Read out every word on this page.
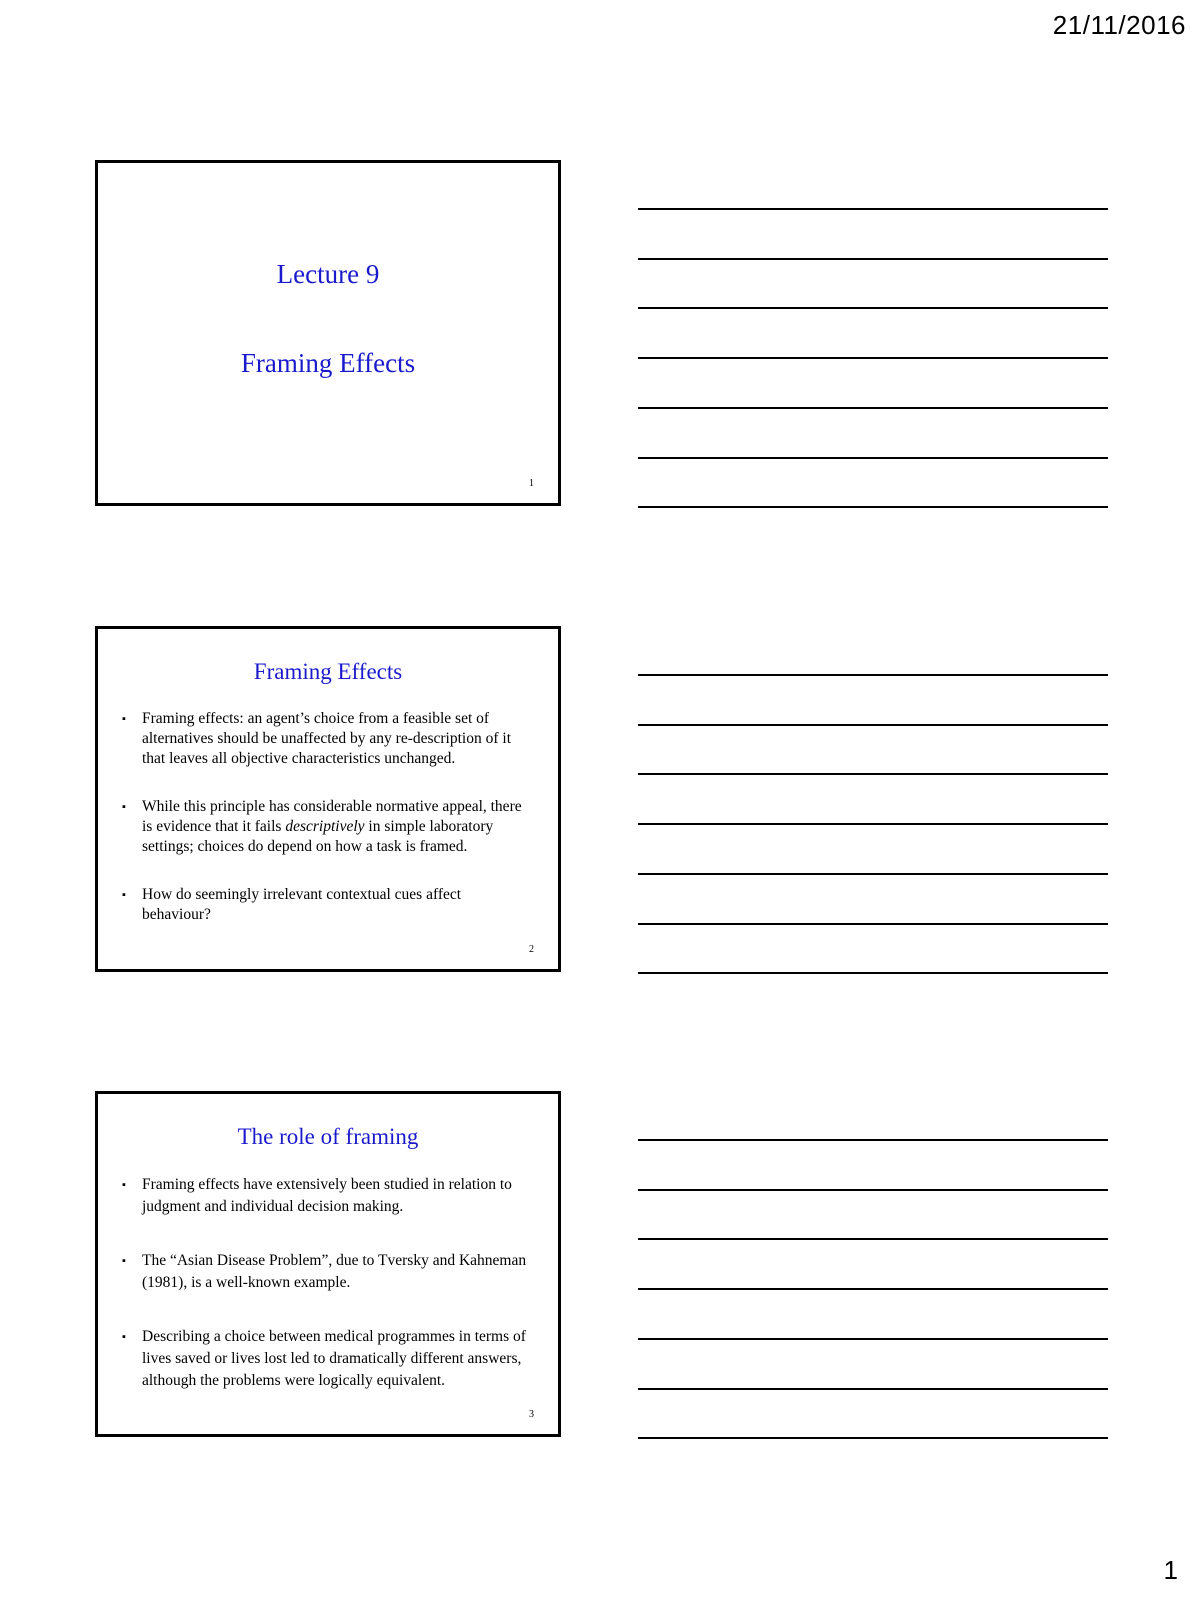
21/11/2016
Lecture 9
Framing Effects
1
Framing Effects
▪ Framing effects: an agent’s choice from a feasible set of alternatives should be unaffected by any re-description of it that leaves all objective characteristics unchanged.
▪ While this principle has considerable normative appeal, there is evidence that it fails descriptively in simple laboratory settings; choices do depend on how a task is framed.
▪ How do seemingly irrelevant contextual cues affect behaviour?
2
The role of framing
▪ Framing effects have extensively been studied in relation to judgment and individual decision making.
▪ The “Asian Disease Problem”, due to Tversky and Kahneman (1981), is a well-known example.
▪ Describing a choice between medical programmes in terms of lives saved or lives lost led to dramatically different answers, although the problems were logically equivalent.
3
1
